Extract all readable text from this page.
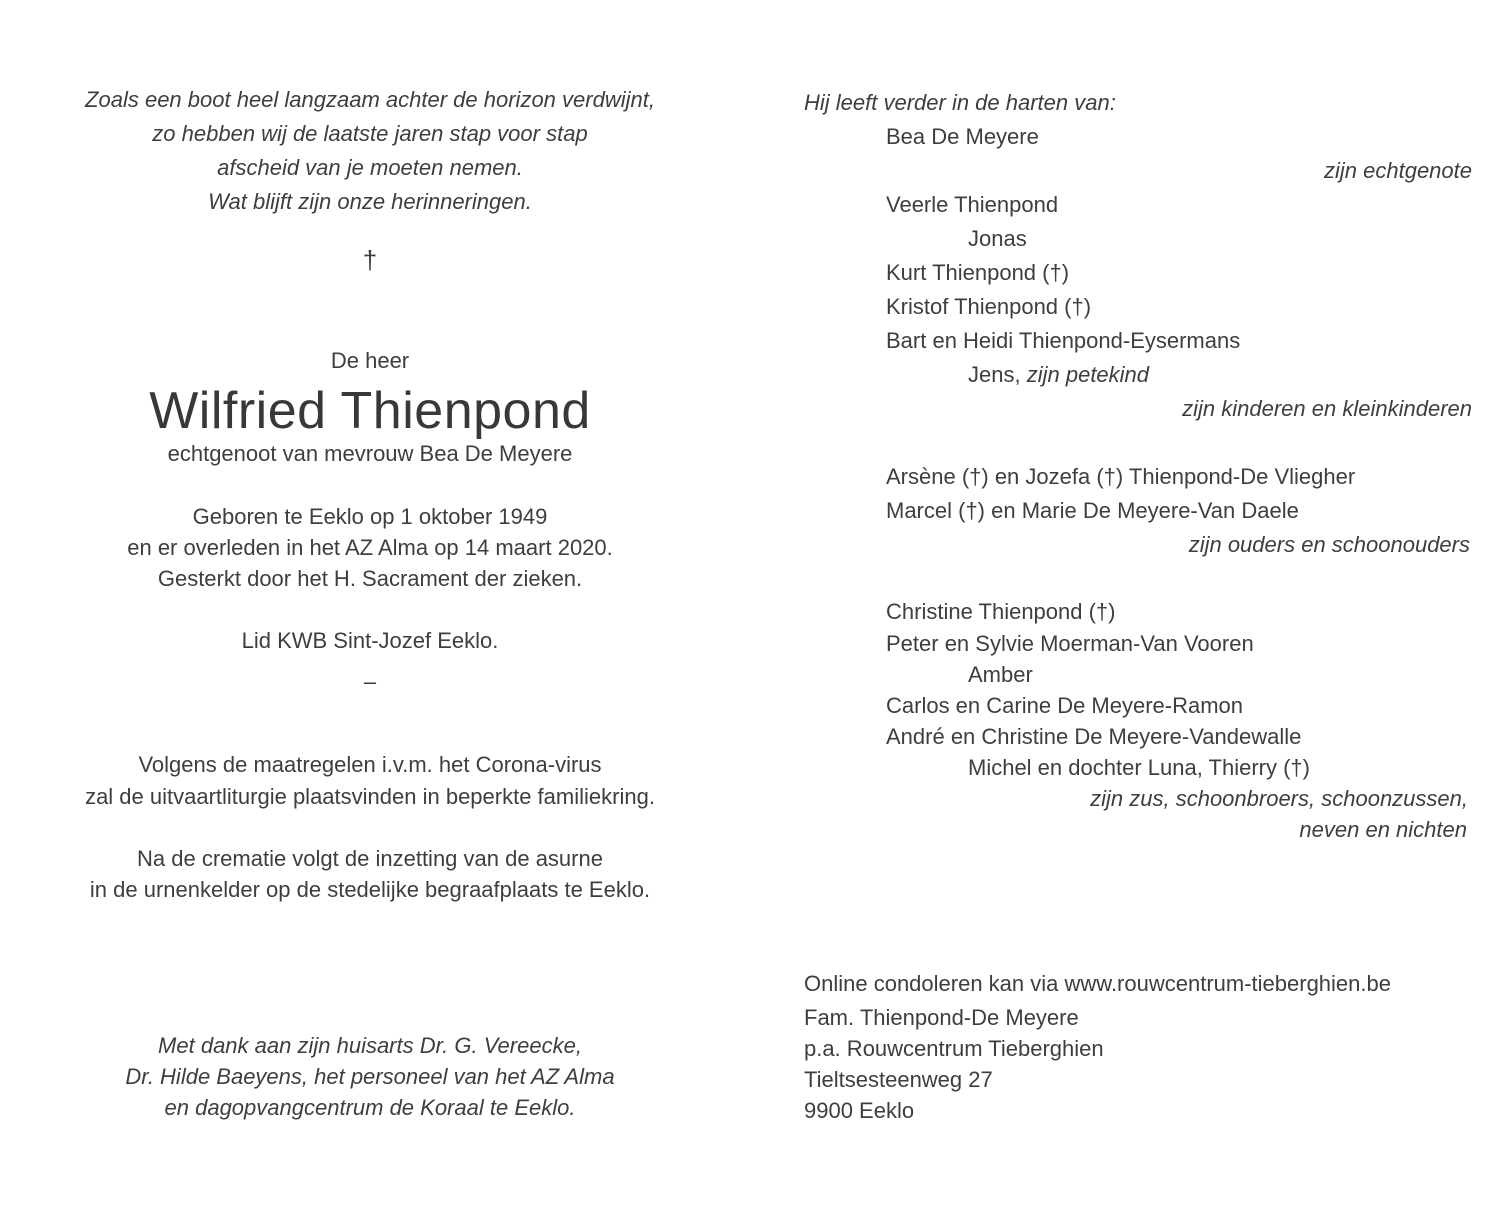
Zoals een boot heel langzaam achter de horizon verdwijnt,
zo hebben wij de laatste jaren stap voor stap
afscheid van je moeten nemen.
Wat blijft zijn onze herinneringen.
†
De heer
Wilfried Thienpond
echtgenoot van mevrouw Bea De Meyere
Geboren te Eeklo op 1 oktober 1949
en er overleden in het AZ Alma op 14 maart 2020.
Gesterkt door het H. Sacrament der zieken.
Lid KWB Sint-Jozef Eeklo.
–
Volgens de maatregelen i.v.m. het Corona-virus
zal de uitvaartliturgie plaatsvinden in beperkte familiekring.
Na de crematie volgt de inzetting van de asurne
in de urnenkelder op de stedelijke begraafplaats te Eeklo.
Met dank aan zijn huisarts Dr. G. Vereecke,
Dr. Hilde Baeyens, het personeel van het AZ Alma
en dagopvangcentrum de Koraal te Eeklo.
Hij leeft verder in de harten van:
Bea De Meyere
zijn echtgenote
Veerle Thienpond
Jonas
Kurt Thienpond (†)
Kristof Thienpond (†)
Bart en Heidi Thienpond-Eysermans
Jens, zijn petekind
zijn kinderen en kleinkinderen
Arsène (†) en Jozefa (†) Thienpond-De Vliegher
Marcel (†) en Marie De Meyere-Van Daele
zijn ouders en schoonouders
Christine Thienpond (†)
Peter en Sylvie Moerman-Van Vooren
Amber
Carlos en Carine De Meyere-Ramon
André en Christine De Meyere-Vandewalle
Michel en dochter Luna, Thierry (†)
zijn zus, schoonbroers, schoonzussen,
neven en nichten
Online condoleren kan via www.rouwcentrum-tieberghien.be
Fam. Thienpond-De Meyere
p.a. Rouwcentrum Tieberghien
Tieltsesteenweg 27
9900 Eeklo
